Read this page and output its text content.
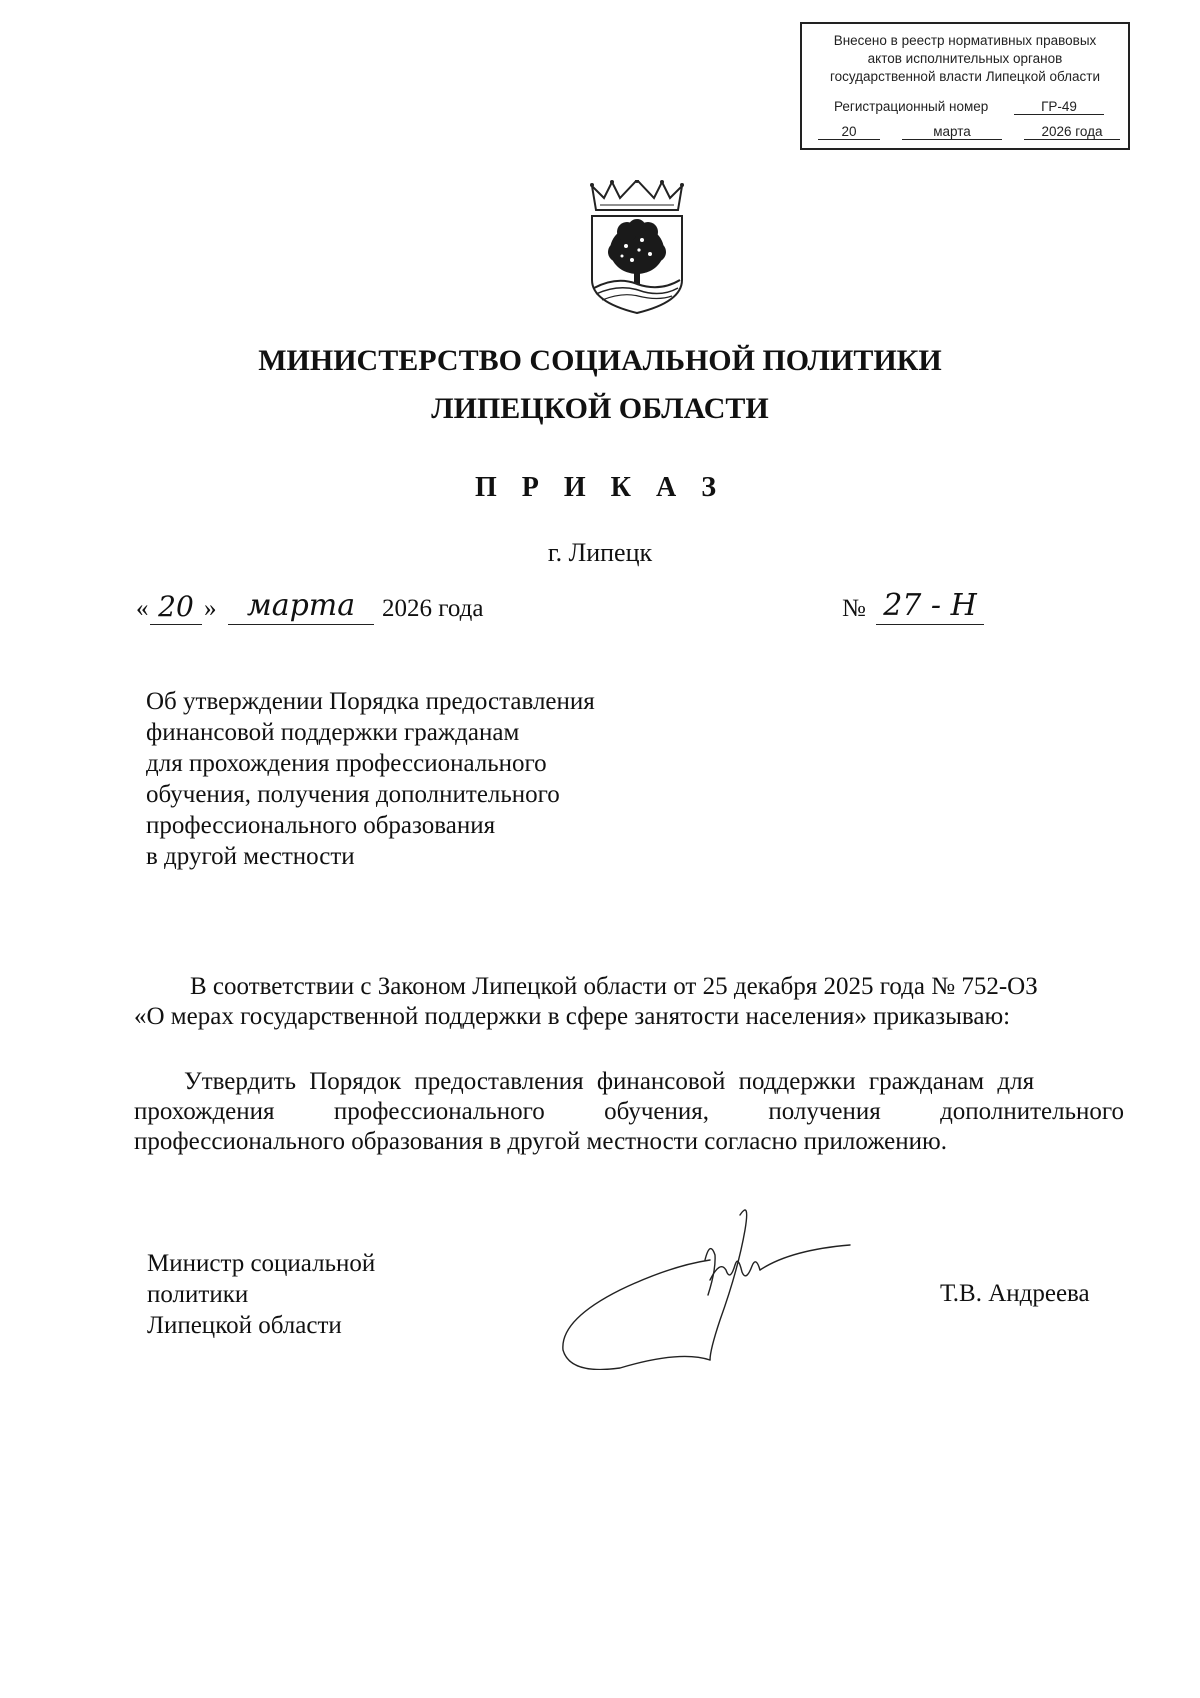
Внесено в реестр нормативных правовых
актов исполнительных органов
государственной власти Липецкой области
Регистрационный номер	ГР-49
20	марта	2026 года
МИНИСТЕРСТВО СОЦИАЛЬНОЙ ПОЛИТИКИ
ЛИПЕЦКОЙ ОБЛАСТИ
П Р И К А З
г. Липецк
« 20 »	марта	2026 года	№ 27 - Н
Об утверждении Порядка предоставления
финансовой поддержки гражданам
для прохождения профессионального
обучения, получения дополнительного
профессионального образования
в другой местности
В соответствии с Законом Липецкой области от 25 декабря 2025 года № 752-ОЗ
«О мерах государственной поддержки в сфере занятости населения» приказываю:
Утвердить Порядок предоставления финансовой поддержки гражданам для
прохождения профессионального обучения, получения дополнительного
профессионального образования в другой местности согласно приложению.
Министр социальной
политики
Липецкой области
Т.В. Андреева
